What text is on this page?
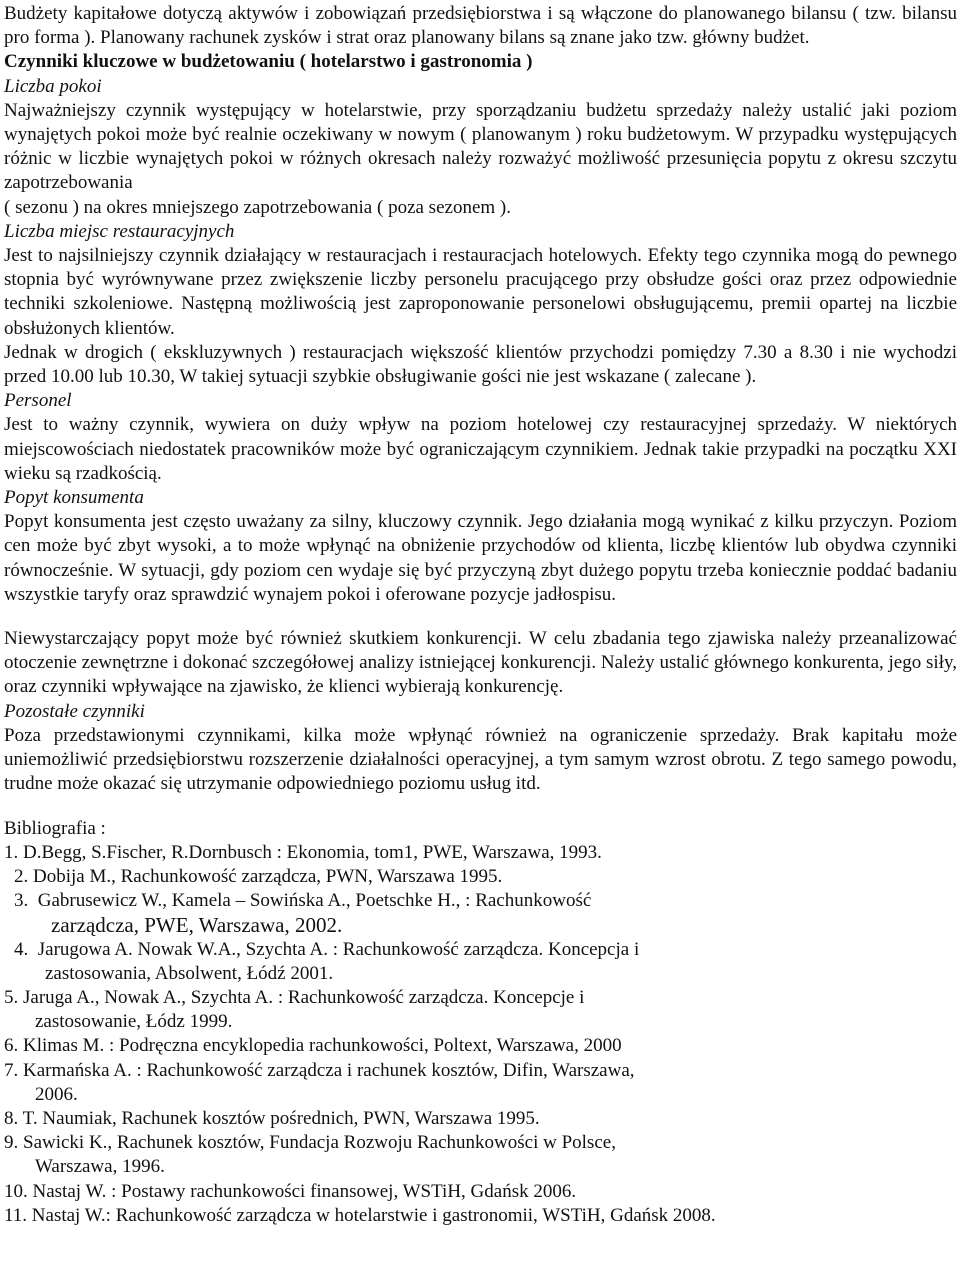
Budżety kapitałowe dotyczą aktywów i zobowiązań przedsiębiorstwa i są włączone do planowanego bilansu ( tzw. bilansu pro forma ). Planowany rachunek zysków i strat oraz planowany bilans są znane jako tzw. główny budżet.

Czynniki kluczowe w budżetowaniu ( hotelarstwo i gastronomia )

Liczba pokoi

Najważniejszy czynnik występujący w hotelarstwie, przy sporządzaniu budżetu sprzedaży należy ustalić jaki poziom wynajętych pokoi może być realnie oczekiwany w nowym ( planowanym ) roku budżetowym. W przypadku występujących różnic w liczbie wynajętych pokoi w różnych okresach należy rozważyć możliwość przesunięcia popytu z okresu szczytu zapotrzebowania

( sezonu ) na okres mniejszego zapotrzebowania ( poza sezonem ).

Liczba miejsc restauracyjnych

Jest to najsilniejszy czynnik działający w restauracjach i restauracjach hotelowych. Efekty tego czynnika mogą do pewnego stopnia być wyrównywane przez zwiększenie liczby personelu pracującego przy obsłudze gości oraz przez odpowiednie techniki szkoleniowe. Następną możliwością jest zaproponowanie personelowi obsługującemu, premii opartej na liczbie obsłużonych klientów.

Jednak w drogich ( ekskluzywnych ) restauracjach większość klientów przychodzi pomiędzy 7.30 a 8.30 i nie wychodzi przed 10.00 lub 10.30, W takiej sytuacji szybkie obsługiwanie gości nie jest wskazane ( zalecane ).

Personel

Jest to ważny czynnik, wywiera on duży wpływ na poziom hotelowej czy restauracyjnej sprzedaży. W niektórych miejscowościach niedostatek pracowników może być ograniczającym czynnikiem. Jednak takie przypadki na początku XXI wieku są rzadkością.

Popyt konsumenta

Popyt konsumenta jest często uważany za silny, kluczowy czynnik. Jego działania mogą wynikać z kilku przyczyn. Poziom cen może być zbyt wysoki, a to może wpłynąć na obniżenie przychodów od klienta, liczbę klientów lub obydwa czynniki równocześnie. W sytuacji, gdy poziom cen wydaje się być przyczyną zbyt dużego popytu trzeba koniecznie poddać badaniu wszystkie taryfy oraz sprawdzić wynajem pokoi i oferowane pozycje jadłospisu.

Niewystarczający popyt może być również skutkiem konkurencji. W celu zbadania tego zjawiska należy przeanalizować otoczenie zewnętrzne i dokonać szczegółowej analizy istniejącej konkurencji. Należy ustalić głównego konkurenta, jego siły, oraz czynniki wpływające na zjawisko, że klienci wybierają konkurencję.

Pozostałe czynniki

Poza przedstawionymi czynnikami, kilka może wpłynąć również na ograniczenie sprzedaży. Brak kapitału może uniemożliwić przedsiębiorstwu rozszerzenie działalności operacyjnej, a tym samym wzrost obrotu. Z tego samego powodu, trudne może okazać się utrzymanie odpowiedniego poziomu usług itd.

Bibliografia :

1. D.Begg, S.Fischer, R.Dornbusch : Ekonomia, tom1, PWE, Warszawa, 1993.
2. Dobija M., Rachunkowość zarządcza, PWN, Warszawa 1995.
3. Gabrusewicz W., Kamela – Sowińska A., Poetschke H., : Rachunkowość
zarządcza, PWE, Warszawa, 2002.
4. Jarugowa A. Nowak W.A., Szychta A. : Rachunkowość zarządcza. Koncepcja i
zastosowania, Absolwent, Łódź 2001.
5. Jaruga A., Nowak A., Szychta A. : Rachunkowość zarządcza. Koncepcje i
zastosowanie, Łódz 1999.
6. Klimas M. : Podręczna encyklopedia rachunkowości, Poltext, Warszawa, 2000
7. Karmańska A. : Rachunkowość zarządcza i rachunek kosztów, Difin, Warszawa,
2006.
8. T. Naumiak, Rachunek kosztów pośrednich, PWN, Warszawa 1995.
9. Sawicki K., Rachunek kosztów, Fundacja Rozwoju Rachunkowości w Polsce,
Warszawa, 1996.
10. Nastaj W. : Postawy rachunkowości finansowej, WSTiH, Gdańsk 2006.
11. Nastaj W.: Rachunkowość zarządcza w hotelarstwie i gastronomii, WSTiH, Gdańsk 2008.
